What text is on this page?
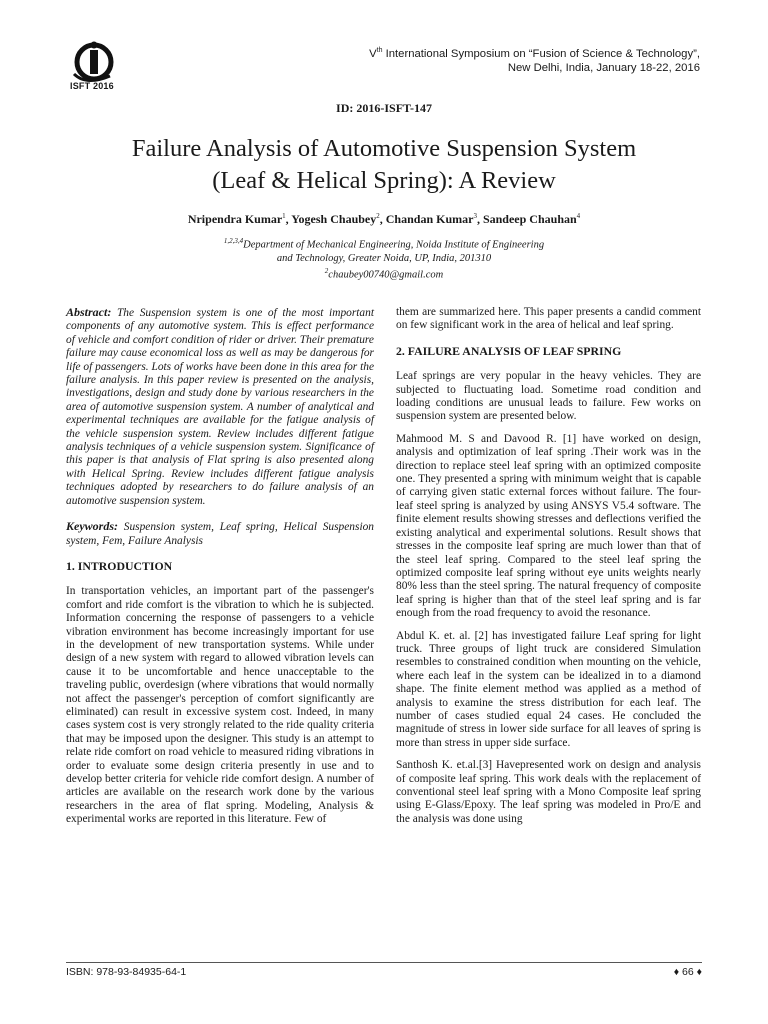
ISFT 2016
Vth International Symposium on “Fusion of Science & Technology”,
New Delhi, India, January 18-22, 2016
ID: 2016-ISFT-147
Failure Analysis of Automotive Suspension System
(Leaf & Helical Spring): A Review
Nripendra Kumar$^1$, Yogesh Chaubey$^2$, Chandan Kumar$^3$, Sandeep Chauhan$^4$
$^{1,2,3,4}$Department of Mechanical Engineering, Noida Institute of Engineering
and Technology, Greater Noida, UP, India, 201310
$^2$chaubey00740@gmail.com

Abstract: The Suspension system is one of the most important components of any automotive system. This is effect performance of vehicle and comfort condition of rider or driver. Their premature failure may cause economical loss as well as may be dangerous for life of passengers. Lots of works have been done in this area for the failure analysis. In this paper review is presented on the analysis, investigations, design and study done by various researchers in the area of automotive suspension system. A number of analytical and experimental techniques are available for the fatigue analysis of the vehicle suspension system. Review includes different fatigue analysis techniques of a vehicle suspension system. Significance of this paper is that analysis of Flat spring is also presented along with Helical Spring. Review includes different fatigue analysis techniques adopted by researchers to do failure analysis of an automotive suspension system.

Keywords: Suspension system, Leaf spring, Helical Suspension system, Fem, Failure Analysis

1. INTRODUCTION

In transportation vehicles, an important part of the passenger's comfort and ride comfort is the vibration to which he is subjected. Information concerning the response of passengers to a vehicle vibration environment has become increasingly important for use in the development of new transportation systems. While under design of a new system with regard to allowed vibration levels can cause it to be uncomfortable and hence unacceptable to the traveling public, overdesign (where vibrations that would normally not affect the passenger's perception of comfort significantly are eliminated) can result in excessive system cost. Indeed, in many cases system cost is very strongly related to the ride quality criteria that may be imposed upon the designer. This study is an attempt to relate ride comfort on road vehicle to measured riding vibrations in order to evaluate some design criteria presently in use and to develop better criteria for vehicle ride comfort design. A number of articles are available on the research work done by the various researchers in the area of flat spring. Modeling, Analysis & experimental works are reported in this literature. Few of

them are summarized here. This paper presents a candid comment on few significant work in the area of helical and leaf spring.

2. FAILURE ANALYSIS OF LEAF SPRING

Leaf springs are very popular in the heavy vehicles. They are subjected to fluctuating load. Sometime road condition and loading conditions are unusual leads to failure. Few works on suspension system are presented below.

Mahmood M. S and Davood R. [1] have worked on design, analysis and optimization of leaf spring .Their work was in the direction to replace steel leaf spring with an optimized composite one. They presented a spring with minimum weight that is capable of carrying given static external forces without failure. The four-leaf steel spring is analyzed by using ANSYS V5.4 software. The finite element results showing stresses and deflections verified the existing analytical and experimental solutions. Result shows that stresses in the composite leaf spring are much lower than that of the steel leaf spring. Compared to the steel leaf spring the optimized composite leaf spring without eye units weights nearly 80% less than the steel spring. The natural frequency of composite leaf spring is higher than that of the steel leaf spring and is far enough from the road frequency to avoid the resonance.

Abdul K. et. al. [2] has investigated failure Leaf spring for light truck. Three groups of light truck are considered Simulation resembles to constrained condition when mounting on the vehicle, where each leaf in the system can be idealized in to a diamond shape. The finite element method was applied as a method of analysis to examine the stress distribution for each leaf. The number of cases studied equal 24 cases. He concluded the magnitude of stress in lower side surface for all leaves of spring is more than stress in upper side surface.

Santhosh K. et.al.[3] Havepresented work on design and analysis of composite leaf spring. This work deals with the replacement of conventional steel leaf spring with a Mono Composite leaf spring using E-Glass/Epoxy. The leaf spring was modeled in Pro/E and the analysis was done using

ISBN: 978-93-84935-64-1	♦ 66 ♦
